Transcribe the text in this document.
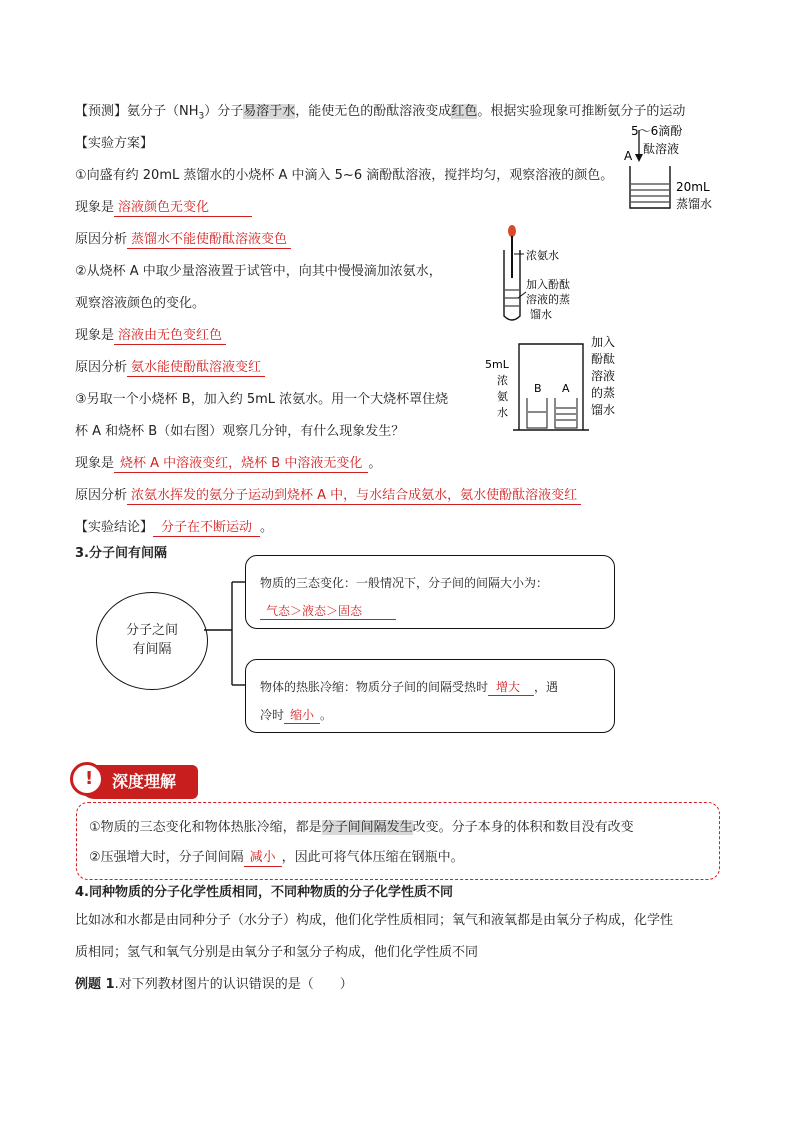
【预测】氨分子$(NH_3)$分子易溶于水，能使无色的酚酞溶液变成红色。根据实验现象可推断氨分子的运动
【实验方案】
①向盛有约 20mL 蒸馏水的小烧杯 A 中滴入 5~6 滴酚酞溶液，搅拌均匀，观察溶液的颜色。
现象是 溶液颜色无变化
原因分析 蒸馏水不能使酚酞溶液变色
②从烧杯 A 中取少量溶液置于试管中，向其中慢慢滴加浓氨水，
观察溶液颜色的变化。
现象是 溶液由无色变红色
原因分析 氨水能使酚酞溶液变红
③另取一个小烧杯 B，加入约 5mL 浓氨水。用一个大烧杯罩住烧
杯 A 和烧杯 B（如右图）观察几分钟，有什么现象发生？
现象是 烧杯 A 中溶液变红，烧杯 B 中溶液无变化 。
原因分析 浓氨水挥发的氨分子运动到烧杯 A 中，与水结合成氨水，氨水使酚酞溶液变红
【实验结论】 分子在不断运动 。
5～6滴酚
酞溶液
A
20mL
蒸馏水
浓氨水
加入酚酞
溶液的蒸
馏水
5mL
浓
氨
水
B A
加入
酚酞
溶液
的蒸
馏水
3.分子间有间隔
分子之间
有间隔
物质的三态变化：一般情况下，分子间的间隔大小为：
气态＞液态＞固态
物体的热胀冷缩：物质分子间的间隔受热时 增大 ，遇
冷时 缩小 。
深度理解
!
①物质的三态变化和物体热胀冷缩，都是分子间间隔发生改变。分子本身的体积和数目没有改变
②压强增大时，分子间间隔 减小 ，因此可将气体压缩在钢瓶中。
4.同种物质的分子化学性质相同，不同种物质的分子化学性质不同
比如冰和水都是由同种分子（水分子）构成，他们化学性质相同；氧气和液氧都是由氧分子构成，化学性
质相同；氢气和氧气分别是由氧分子和氢分子构成，他们化学性质不同
例题 1.对下列教材图片的认识错误的是（　　）
